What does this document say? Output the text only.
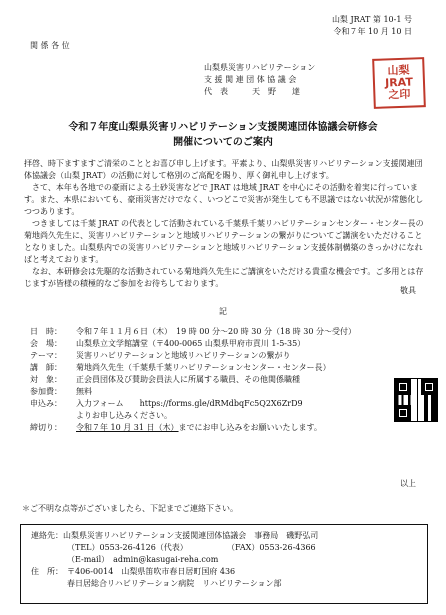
山梨 JRAT 第 10-1 号
令和７年 10 月 10 日
関 係 各 位
山梨県災害リハビリテーション
支 援 関 連 団 体 協 議 会
代　表　　　天　野　　達
山梨
JRAT
之印
令和７年度山梨県災害リハビリテーション支援関連団体協議会研修会
開催についてのご案内

拝啓、時下ますますご清栄のこととお喜び申し上げます。平素より、山梨県災害リハビリテーション支援関連団体協議会（山梨 JRAT）の活動に対して格別のご高配を賜り、厚く御礼申し上げます。

さて、本年も各地での豪雨による土砂災害などで JRAT は地域 JRAT を中心にその活動を着実に行っています。また、本県においても、豪雨災害だけでなく、いつどこで災害が発生しても不思議ではない状況が常態化しつつあります。

つきましては千葉 JRAT の代表として活動されている千葉県千葉リハビリテーションセンター・センター長の菊地尚久先生に、災害リハビリテーションと地域リハビリテーションの繋がりについてご講演をいただけることとなりました。山梨県内での災害リハビリテーションと地域リハビリテーション支援体制構築のきっかけになればと考えております。

なお、本研修会は先駆的な活動されている菊地尚久先生にご講演をいただける貴重な機会です。ご多用とは存じますが皆様の積極的なご参加をお待ちしております。

敬具
記
日　時：	令和７年１１月６日（木）　19 時 00 分～20 時 30 分（18 時 30 分～受付）
会　場：	山梨県立文学館講堂（〒400-0065 山梨県甲府市貢川 1-5-35）
テーマ：	災害リハビリテーションと地域リハビリテーションの繋がり
講　師：	菊地尚久先生（千葉県千葉リハビリテーションセンター・センター長）
対　象：	正会員団体及び賛助会員法人に所属する職員、その他関係職種
参加費：	無料
申込み：	入力フォーム　　https://forms.gle/dRMdbqFc5Q2X6ZrD9
よりお申し込みください。
締切り：	令和７年 10 月 31 日（木）までにお申し込みをお願いいたします。
以上
＊ご不明な点等がございましたら、下記までご連絡下さい。
連絡先：山梨県災害リハビリテーション支援関連団体協議会　事務局　磯野弘司
（TEL）0553-26-4126（代表）	（FAX）0553-26-4366
（E-mail）　admin@kasugai-reha.com
住　所： 〒406-0014　山梨県笛吹市春日居町国府 436
春日居総合リハビリテーション病院　リハビリテーション部
